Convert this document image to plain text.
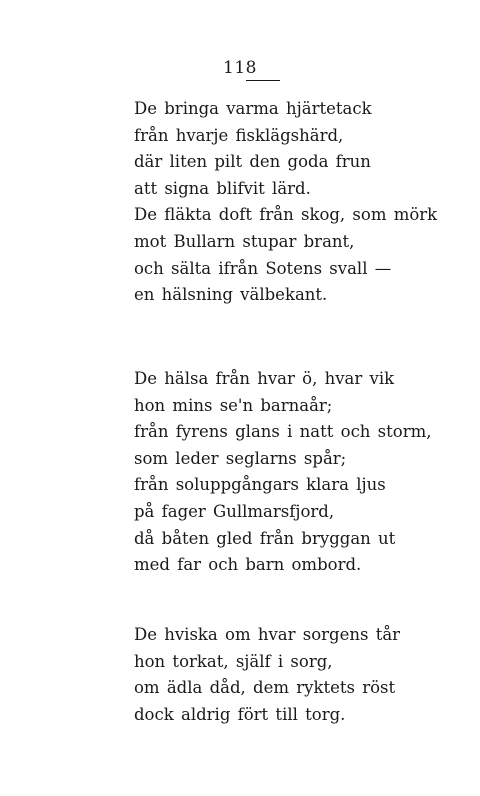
118
De bringa varma hjärtetack
från hvarje fisklägshärd,
där liten pilt den goda frun
att signa blifvit lärd.
De fläkta doft från skog, som mörk
mot Bullarn stupar brant,
och sälta ifrån Sotens svall —
en hälsning välbekant.
De hälsa från hvar ö, hvar vik
hon mins se'n barnaår;
från fyrens glans i natt och storm,
som leder seglarns spår;
från soluppgångars klara ljus
på fager Gullmarsfjord,
då båten gled från bryggan ut
med far och barn ombord.
De hviska om hvar sorgens tår
hon torkat, själf i sorg,
om ädla dåd, dem ryktets röst
dock aldrig fört till torg.
